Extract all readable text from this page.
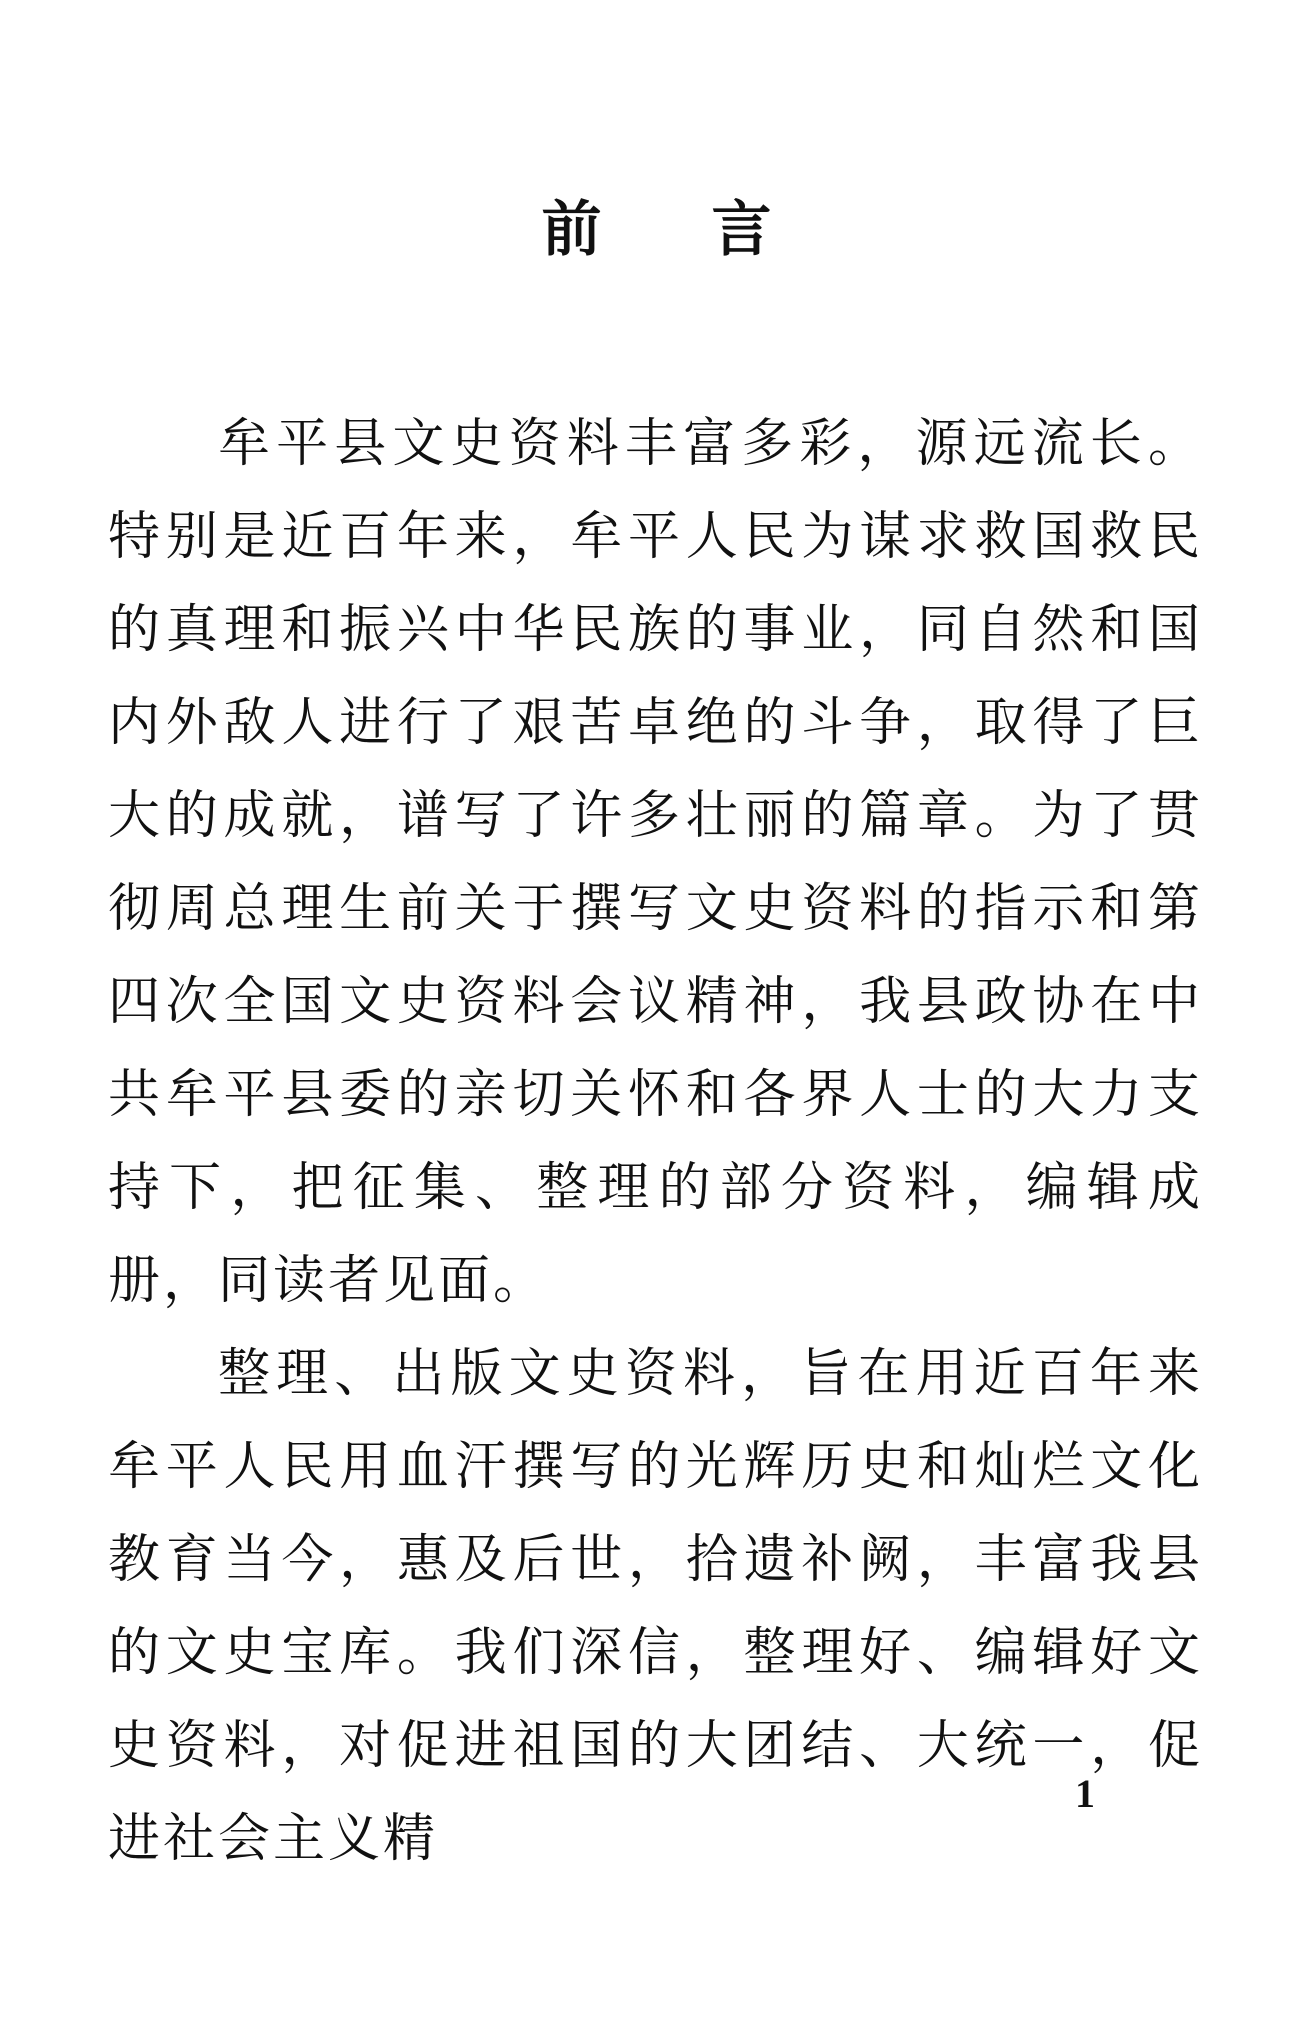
前言

牟平县文史资料丰富多彩，源远流长。特别是近百年来，牟平人民为谋求救国救民的真理和振兴中华民族的事业，同自然和国内外敌人进行了艰苦卓绝的斗争，取得了巨大的成就，谱写了许多壮丽的篇章。为了贯彻周总理生前关于撰写文史资料的指示和第四次全国文史资料会议精神，我县政协在中共牟平县委的亲切关怀和各界人士的大力支持下，把征集、整理的部分资料，编辑成册，同读者见面。

整理、出版文史资料，旨在用近百年来牟平人民用血汗撰写的光辉历史和灿烂文化教育当今，惠及后世，拾遗补阙，丰富我县的文史宝库。我们深信，整理好、编辑好文史资料，对促进祖国的大团结、大统一，促进社会主义精

1
